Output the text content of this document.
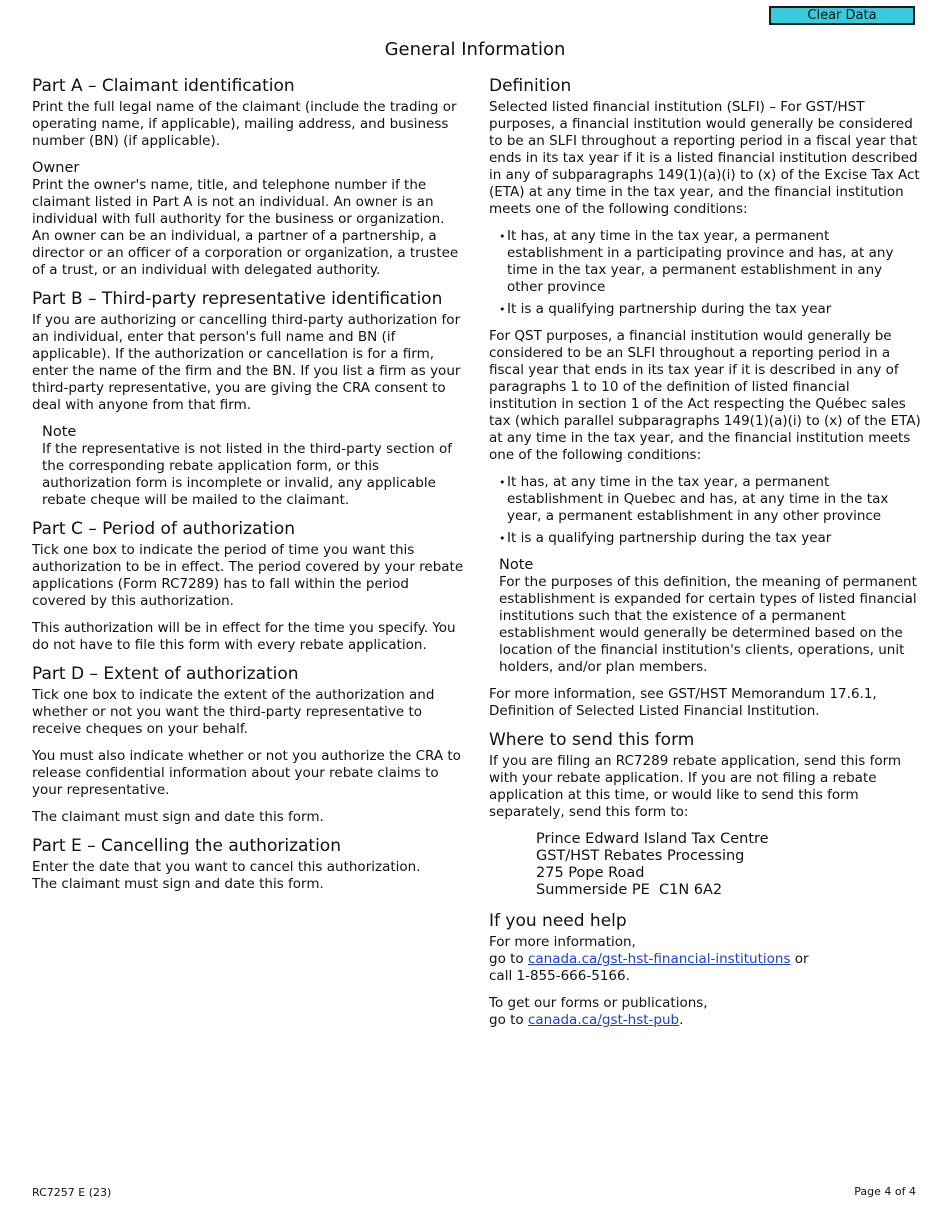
Clear Data
General Information
Part A – Claimant identification

Print the full legal name of the claimant (include the trading or operating name, if applicable), mailing address, and business number (BN) (if applicable).

Owner

Print the owner's name, title, and telephone number if the claimant listed in Part A is not an individual. An owner is an individual with full authority for the business or organization. An owner can be an individual, a partner of a partnership, a director or an officer of a corporation or organization, a trustee of a trust, or an individual with delegated authority.

Part B – Third-party representative identification

If you are authorizing or cancelling third-party authorization for an individual, enter that person's full name and BN (if applicable). If the authorization or cancellation is for a firm, enter the name of the firm and the BN. If you list a firm as your third-party representative, you are giving the CRA consent to deal with anyone from that firm.

Note

If the representative is not listed in the third-party section of the corresponding rebate application form, or this authorization form is incomplete or invalid, any applicable rebate cheque will be mailed to the claimant.

Part C – Period of authorization

Tick one box to indicate the period of time you want this authorization to be in effect. The period covered by your rebate applications (Form RC7289) has to fall within the period covered by this authorization.

This authorization will be in effect for the time you specify. You do not have to file this form with every rebate application.

Part D – Extent of authorization

Tick one box to indicate the extent of the authorization and whether or not you want the third-party representative to receive cheques on your behalf.

You must also indicate whether or not you authorize the CRA to release confidential information about your rebate claims to your representative.

The claimant must sign and date this form.

Part E – Cancelling the authorization

Enter the date that you want to cancel this authorization.

The claimant must sign and date this form.

Definition

Selected listed financial institution (SLFI) – For GST/HST purposes, a financial institution would generally be considered to be an SLFI throughout a reporting period in a fiscal year that ends in its tax year if it is a listed financial institution described in any of subparagraphs 149(1)(a)(i) to (x) of the Excise Tax Act (ETA) at any time in the tax year, and the financial institution meets one of the following conditions:

• It has, at any time in the tax year, a permanent establishment in a participating province and has, at any time in the tax year, a permanent establishment in any other province
• It is a qualifying partnership during the tax year

For QST purposes, a financial institution would generally be considered to be an SLFI throughout a reporting period in a fiscal year that ends in its tax year if it is described in any of paragraphs 1 to 10 of the definition of listed financial institution in section 1 of the Act respecting the Québec sales tax (which parallel subparagraphs 149(1)(a)(i) to (x) of the ETA) at any time in the tax year, and the financial institution meets one of the following conditions:

• It has, at any time in the tax year, a permanent establishment in Quebec and has, at any time in the tax year, a permanent establishment in any other province
• It is a qualifying partnership during the tax year
Note

For the purposes of this definition, the meaning of permanent establishment is expanded for certain types of listed financial institutions such that the existence of a permanent establishment would generally be determined based on the location of the financial institution's clients, operations, unit holders, and/or plan members.

For more information, see GST/HST Memorandum 17.6.1, Definition of Selected Listed Financial Institution.

Where to send this form

If you are filing an RC7289 rebate application, send this form with your rebate application. If you are not filing a rebate application at this time, or would like to send this form separately, send this form to:

Prince Edward Island Tax Centre
GST/HST Rebates Processing
275 Pope Road
Summerside PE  C1N 6A2
If you need help

For more information,
go to canada.ca/gst-hst-financial-institutions or
call 1-855-666-5166.

To get our forms or publications,
go to canada.ca/gst-hst-pub.

RC7257 E (23)	Page 4 of 4
